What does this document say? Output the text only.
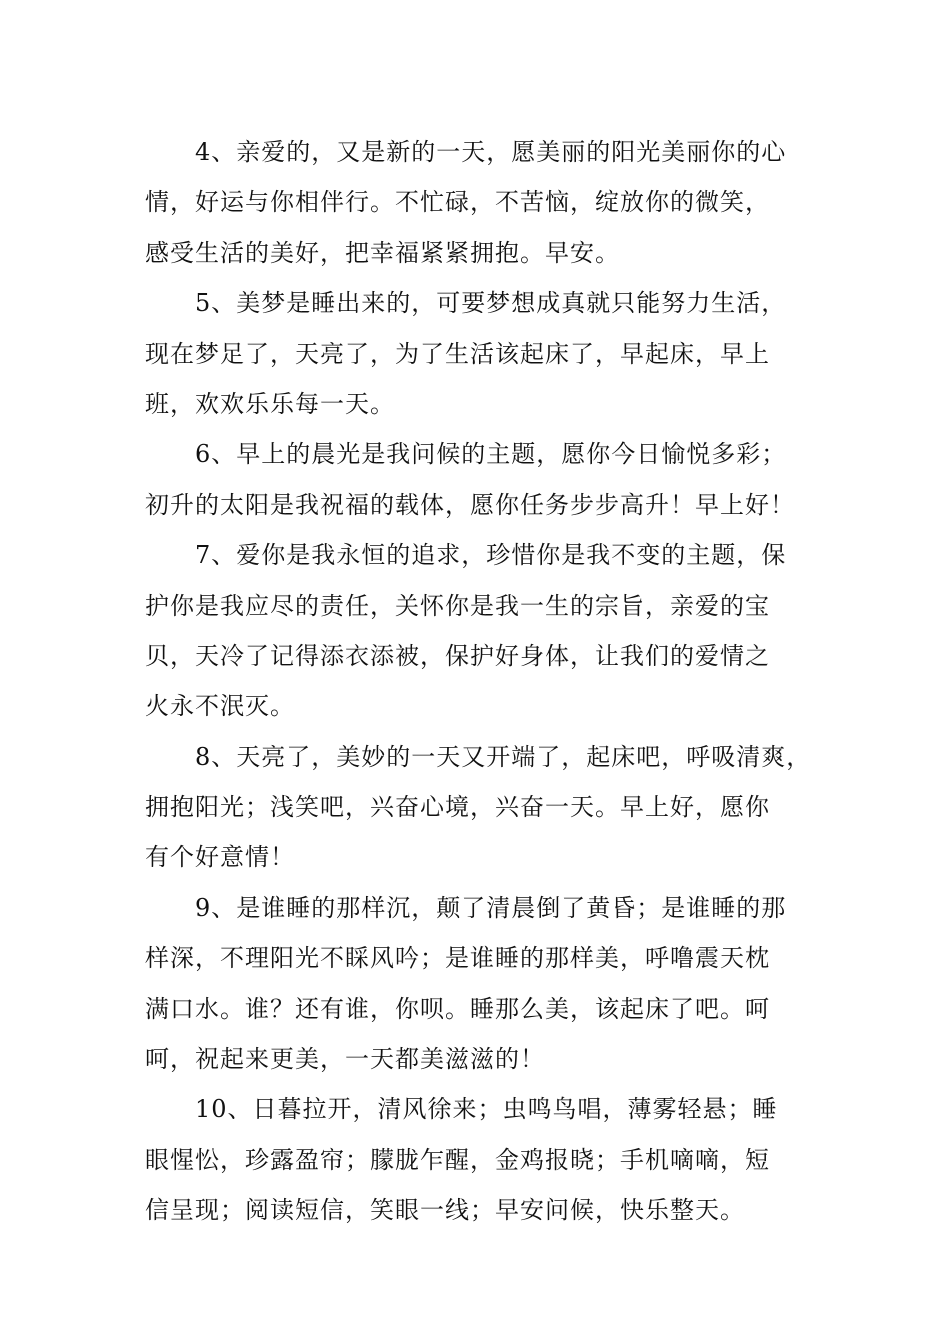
4、亲爱的，又是新的一天，愿美丽的阳光美丽你的心
情，好运与你相伴行。不忙碌，不苦恼，绽放你的微笑，
感受生活的美好，把幸福紧紧拥抱。早安。

5、美梦是睡出来的，可要梦想成真就只能努力生活，
现在梦足了，天亮了，为了生活该起床了，早起床，早上
班，欢欢乐乐每一天。

6、早上的晨光是我问候的主题，愿你今日愉悦多彩；
初升的太阳是我祝福的载体，愿你任务步步高升！早上好！

7、爱你是我永恒的追求，珍惜你是我不变的主题，保
护你是我应尽的责任，关怀你是我一生的宗旨，亲爱的宝
贝，天冷了记得添衣添被，保护好身体，让我们的爱情之
火永不泯灭。

8、天亮了，美妙的一天又开端了，起床吧，呼吸清爽，
拥抱阳光；浅笑吧，兴奋心境，兴奋一天。早上好，愿你
有个好意情！

9、是谁睡的那样沉，颠了清晨倒了黄昏；是谁睡的那
样深，不理阳光不睬风吟；是谁睡的那样美，呼噜震天枕
满口水。谁？还有谁，你呗。睡那么美，该起床了吧。呵
呵，祝起来更美，一天都美滋滋的！

10、日暮拉开，清风徐来；虫鸣鸟唱，薄雾轻悬；睡
眼惺忪，珍露盈帘；朦胧乍醒，金鸡报晓；手机嘀嘀，短
信呈现；阅读短信，笑眼一线；早安问候，快乐整天。
